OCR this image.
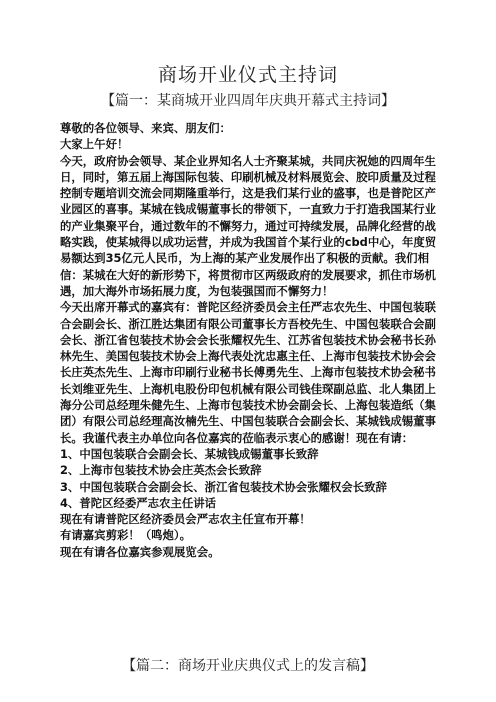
商场开业仪式主持词
【篇一：某商城开业四周年庆典开幕式主持词】

尊敬的各位领导、来宾、朋友们：

大家上午好！

今天，政府协会领导、某企业界知名人士齐聚某城，共同庆祝她的四周年生日，同时，第五届上海国际包装、印刷机械及材料展览会、胶印质量及过程控制专题培训交流会同期隆重举行，这是我们某行业的盛事，也是普陀区产业园区的喜事。某城在钱成锡董事长的带领下，一直致力于打造我国某行业的产业集聚平台，通过数年的不懈努力，通过可持续发展，品牌化经营的战略实践，使某城得以成功运营，并成为我国首个某行业的cbd中心，年度贸易额达到35亿元人民币，为上海的某产业发展作出了积极的贡献。我们相信：某城在大好的新形势下，将贯彻市区两级政府的发展要求，抓住市场机遇，加大海外市场拓展力度，为包装强国而不懈努力！

今天出席开幕式的嘉宾有：普陀区经济委员会主任严志农先生、中国包装联合会副会长、浙江胜达集团有限公司董事长方吾校先生、中国包装联合会副会长、浙江省包装技术协会会长张耀权先生、江苏省包装技术协会秘书长孙林先生、美国包装技术协会上海代表处沈忠惠主任、上海市包装技术协会会长庄英杰先生、上海市印刷行业秘书长傅勇先生、上海市包装技术协会秘书长刘维亚先生、上海机电股份印包机械有限公司钱佳琛副总监、北人集团上海分公司总经理朱健先生、上海市包装技术协会副会长、上海包装造纸（集团）有限公司总经理高汝楠先生、中国包装联合会副会长、某城钱成锡董事长。我谨代表主办单位向各位嘉宾的莅临表示衷心的感谢！现在有请：

1、中国包装联合会副会长、某城钱成锡董事长致辞

2、上海市包装技术协会庄英杰会长致辞

3、中国包装联合会副会长、浙江省包装技术协会张耀权会长致辞

4、普陀区经委严志农主任讲话

现在有请普陀区经济委员会严志农主任宣布开幕！

有请嘉宾剪彩！（鸣炮）。

现在有请各位嘉宾参观展览会。

【篇二：商场开业庆典仪式上的发言稿】
